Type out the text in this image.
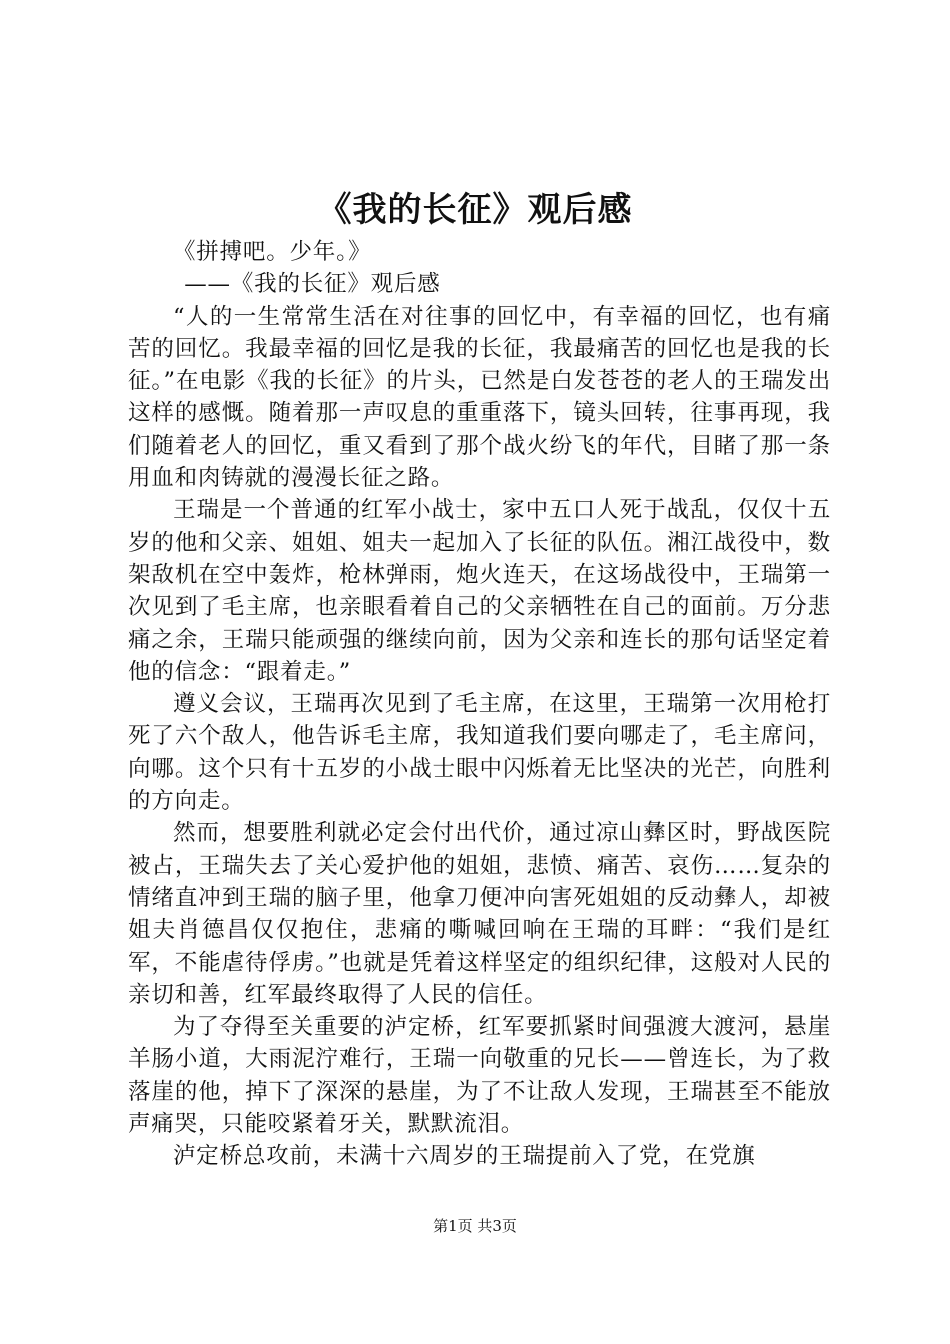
《我的长征》观后感

《拼搏吧。少年。》

——《我的长征》观后感

“人的一生常常生活在对往事的回忆中，有幸福的回忆，也有痛苦的回忆。我最幸福的回忆是我的长征，我最痛苦的回忆也是我的长征。”在电影《我的长征》的片头，已然是白发苍苍的老人的王瑞发出这样的感慨。随着那一声叹息的重重落下，镜头回转，往事再现，我们随着老人的回忆，重又看到了那个战火纷飞的年代，目睹了那一条用血和肉铸就的漫漫长征之路。

王瑞是一个普通的红军小战士，家中五口人死于战乱，仅仅十五岁的他和父亲、姐姐、姐夫一起加入了长征的队伍。湘江战役中，数架敌机在空中轰炸，枪林弹雨，炮火连天，在这场战役中，王瑞第一次见到了毛主席，也亲眼看着自己的父亲牺牲在自己的面前。万分悲痛之余，王瑞只能顽强的继续向前，因为父亲和连长的那句话坚定着他的信念：“跟着走。”

遵义会议，王瑞再次见到了毛主席，在这里，王瑞第一次用枪打死了六个敌人，他告诉毛主席，我知道我们要向哪走了，毛主席问，向哪。这个只有十五岁的小战士眼中闪烁着无比坚决的光芒，向胜利的方向走。

然而，想要胜利就必定会付出代价，通过凉山彝区时，野战医院被占，王瑞失去了关心爱护他的姐姐，悲愤、痛苦、哀伤……复杂的情绪直冲到王瑞的脑子里，他拿刀便冲向害死姐姐的反动彝人，却被姐夫肖德昌仅仅抱住，悲痛的嘶喊回响在王瑞的耳畔：“我们是红军，不能虐待俘虏。”也就是凭着这样坚定的组织纪律，这般对人民的亲切和善，红军最终取得了人民的信任。

为了夺得至关重要的泸定桥，红军要抓紧时间强渡大渡河，悬崖羊肠小道，大雨泥泞难行，王瑞一向敬重的兄长——曾连长，为了救落崖的他，掉下了深深的悬崖，为了不让敌人发现，王瑞甚至不能放声痛哭，只能咬紧着牙关，默默流泪。

泸定桥总攻前，未满十六周岁的王瑞提前入了党，在党旗

第1页 共3页
